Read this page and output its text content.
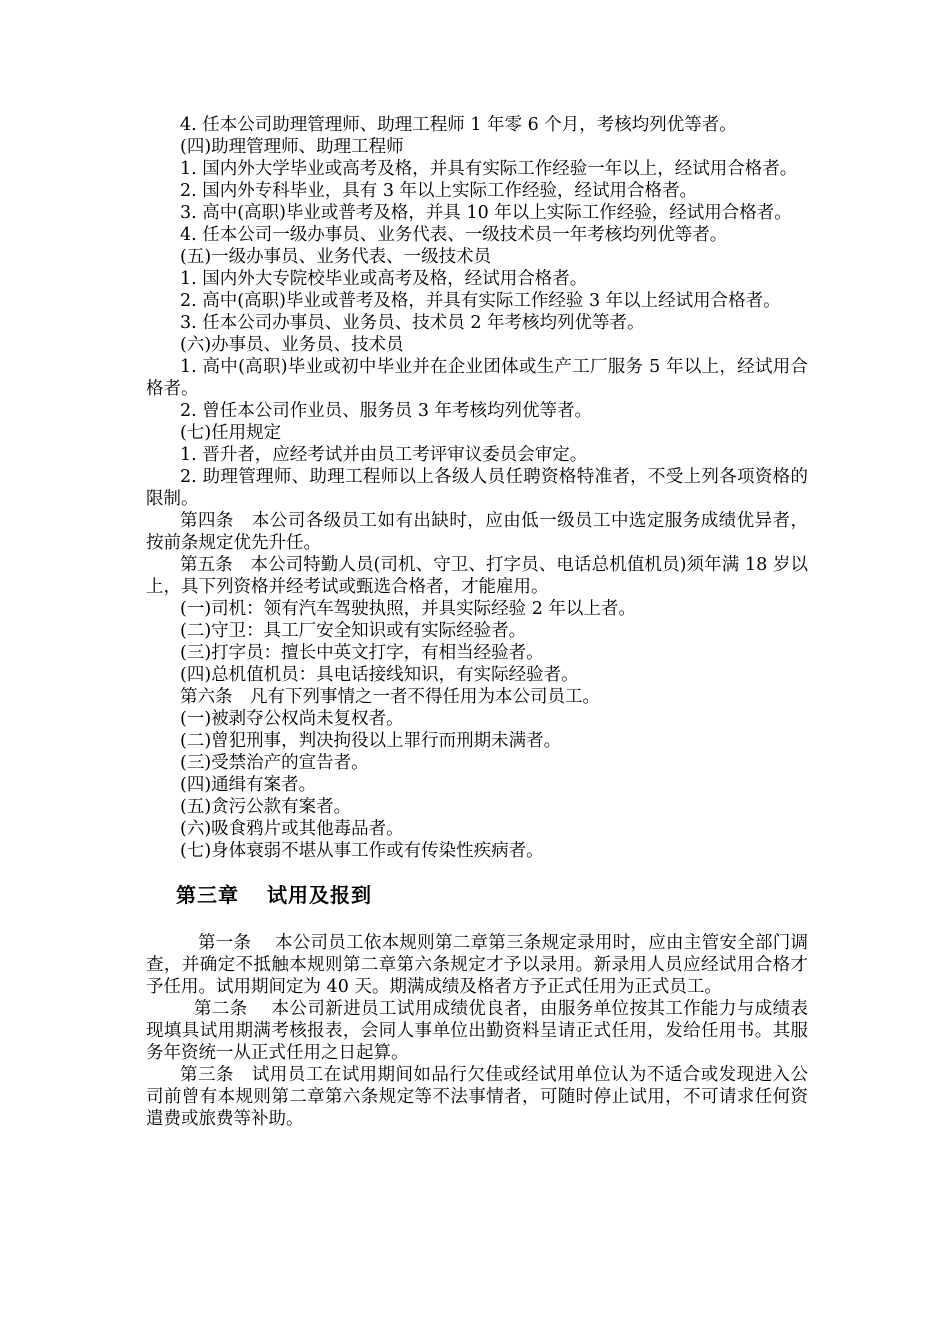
4. 任本公司助理管理师、助理工程师 1 年零 6 个月，考核均列优等者。

(四)助理管理师、助理工程师

1. 国内外大学毕业或高考及格，并具有实际工作经验一年以上，经试用合格者。

2. 国内外专科毕业，具有 3 年以上实际工作经验，经试用合格者。

3. 高中(高职)毕业或普考及格，并具 10 年以上实际工作经验，经试用合格者。

4. 任本公司一级办事员、业务代表、一级技术员一年考核均列优等者。

(五)一级办事员、业务代表、一级技术员

1. 国内外大专院校毕业或高考及格，经试用合格者。

2. 高中(高职)毕业或普考及格，并具有实际工作经验 3 年以上经试用合格者。

3. 任本公司办事员、业务员、技术员 2 年考核均列优等者。

(六)办事员、业务员、技术员

1. 高中(高职)毕业或初中毕业并在企业团体或生产工厂服务 5 年以上，经试用合格者。

2. 曾任本公司作业员、服务员 3 年考核均列优等者。

(七)任用规定

1. 晋升者，应经考试并由员工考评审议委员会审定。

2. 助理管理师、助理工程师以上各级人员任聘资格特准者，不受上列各项资格的限制。

第四条　本公司各级员工如有出缺时，应由低一级员工中选定服务成绩优异者，按前条规定优先升任。

第五条　本公司特勤人员(司机、守卫、打字员、电话总机值机员)须年满 18 岁以上，具下列资格并经考试或甄选合格者，才能雇用。

(一)司机：领有汽车驾驶执照，并具实际经验 2 年以上者。

(二)守卫：具工厂安全知识或有实际经验者。

(三)打字员：擅长中英文打字，有相当经验者。

(四)总机值机员：具电话接线知识，有实际经验者。

第六条　凡有下列事情之一者不得任用为本公司员工。

(一)被剥夺公权尚未复权者。

(二)曾犯刑事，判决拘役以上罪行而刑期未满者。

(三)受禁治产的宣告者。

(四)通缉有案者。

(五)贪污公款有案者。

(六)吸食鸦片或其他毒品者。

(七)身体衰弱不堪从事工作或有传染性疾病者。

第三章 试用及报到

第一条　 本公司员工依本规则第二章第三条规定录用时，应由主管安全部门调查，并确定不抵触本规则第二章第六条规定才予以录用。新录用人员应经试用合格才予任用。试用期间定为 40 天。期满成绩及格者方予正式任用为正式员工。

第二条　 本公司新进员工试用成绩优良者，由服务单位按其工作能力与成绩表现填具试用期满考核报表，会同人事单位出勤资料呈请正式任用，发给任用书。其服务年资统一从正式任用之日起算。

第三条　试用员工在试用期间如品行欠佳或经试用单位认为不适合或发现进入公司前曾有本规则第二章第六条规定等不法事情者，可随时停止试用，不可请求任何资遣费或旅费等补助。
